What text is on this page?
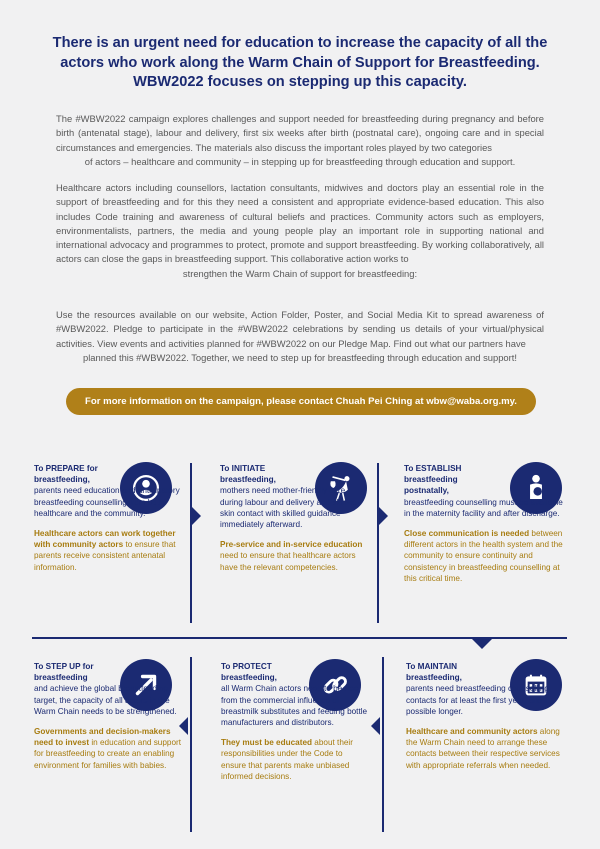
There is an urgent need for education to increase the capacity of all the
actors who work along the Warm Chain of Support for Breastfeeding.
WBW2022 focuses on stepping up this capacity.
The #WBW2022 campaign explores challenges and support needed for breastfeeding during pregnancy and before birth (antenatal stage), labour and delivery, first six weeks after birth (postnatal care), ongoing care and in special circumstances and emergencies. The materials also discuss the important roles played by two categories
of actors – healthcare and community – in stepping up for breastfeeding through education and support.
Healthcare actors including counsellors, lactation consultants, midwives and doctors play an essential role in the support of breastfeeding and for this they need a consistent and appropriate evidence-based education. This also includes Code training and awareness of cultural beliefs and practices. Community actors such as employers, environmentalists, partners, the media and young people play an important role in supporting national and international advocacy and programmes to protect, promote and support breastfeeding. By working collaboratively, all actors can close the gaps in breastfeeding support. This collaborative action works to
strengthen the Warm Chain of support for breastfeeding:
Use the resources available on our website, Action Folder, Poster, and Social Media Kit to spread awareness of #WBW2022. Pledge to participate in the #WBW2022 celebrations by sending us details of your virtual/physical activities. View events and activities planned for #WBW2022 on our Pledge Map. Find out what our partners have
planned this #WBW2022. Together, we need to step up for breastfeeding through education and support!
For more information on the campaign, please contact Chuah Pei Ching at wbw@waba.org.my.

To PREPARE for breastfeeding,
parents need education and anticipatory breastfeeding counselling from both healthcare and the community.

Healthcare actors can work together with community actors to ensure that parents receive consistent antenatal information.

To INITIATE breastfeeding,
mothers need mother-friendly care during labour and delivery and skin-to-skin contact with skilled guidance immediately afterward.

Pre-service and in-service education need to ensure that healthcare actors have the relevant competencies.

To ESTABLISH breastfeeding postnatally,
breastfeeding counselling must be available in the maternity facility and after discharge.

Close communication is needed between different actors in the health system and the community to ensure continuity and consistency in breastfeeding counselling at this critical time.

To STEP UP for breastfeeding
and achieve the global breastfeeding target, the capacity of all actors in the Warm Chain needs to be strengthened.

Governments and decision-makers need to invest in education and support for breastfeeding to create an enabling environment for families with babies.

To PROTECT breastfeeding,
all Warm Chain actors need to be free from the commercial influence of breastmilk substitutes and feeding bottle manufacturers and distributors.

They must be educated about their responsibilities under the Code to ensure that parents make unbiased informed decisions.

To MAINTAIN breastfeeding,
parents need breastfeeding counselling contacts for at least the first year, and if possible longer.

Healthcare and community actors along the Warm Chain need to arrange these contacts between their respective services with appropriate referrals when needed.
